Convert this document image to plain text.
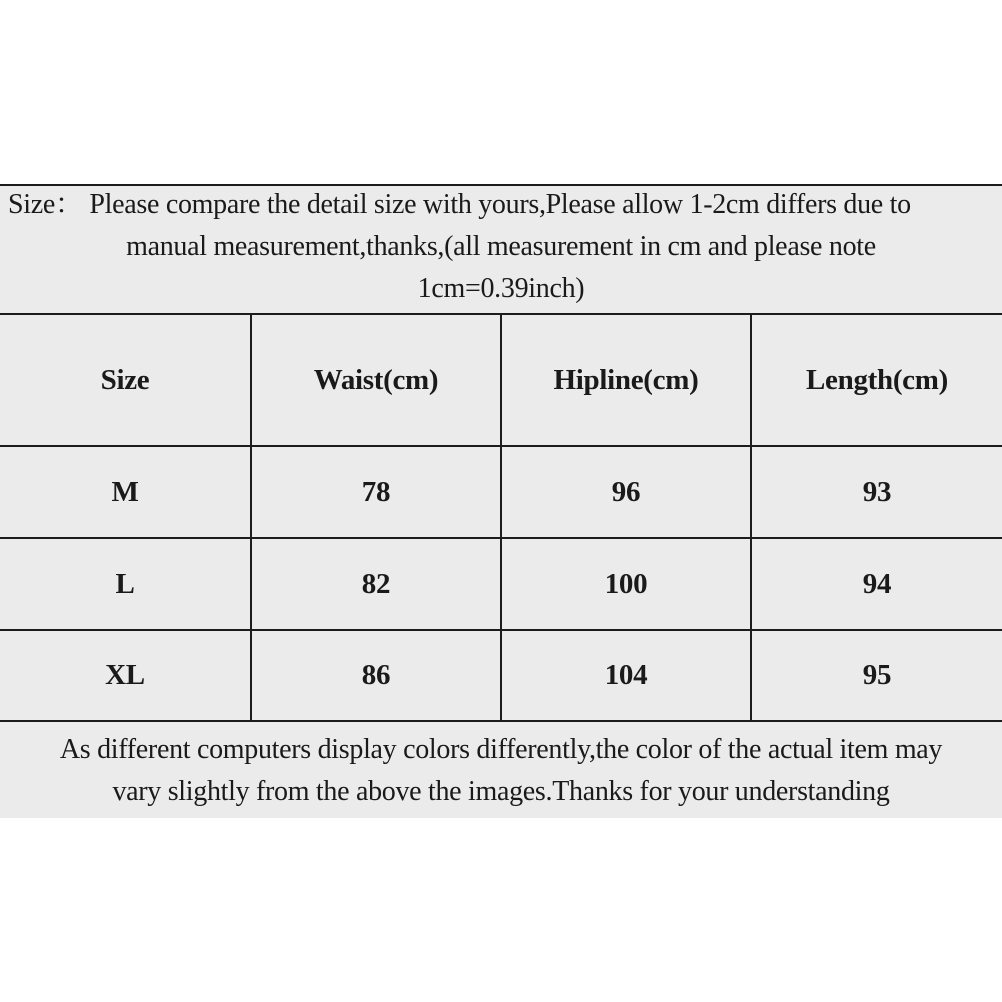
Size： Please compare the detail size with yours,Please allow 1-2cm differs due to
manual measurement,thanks,(all measurement in cm and please note
1cm=0.39inch)
Size	Waist(cm)	Hipline(cm)	Length(cm)
M	78	96	93
L	82	100	94
XL	86	104	95
As different computers display colors differently,the color of the actual item may
vary slightly from the above the images.Thanks for your understanding
